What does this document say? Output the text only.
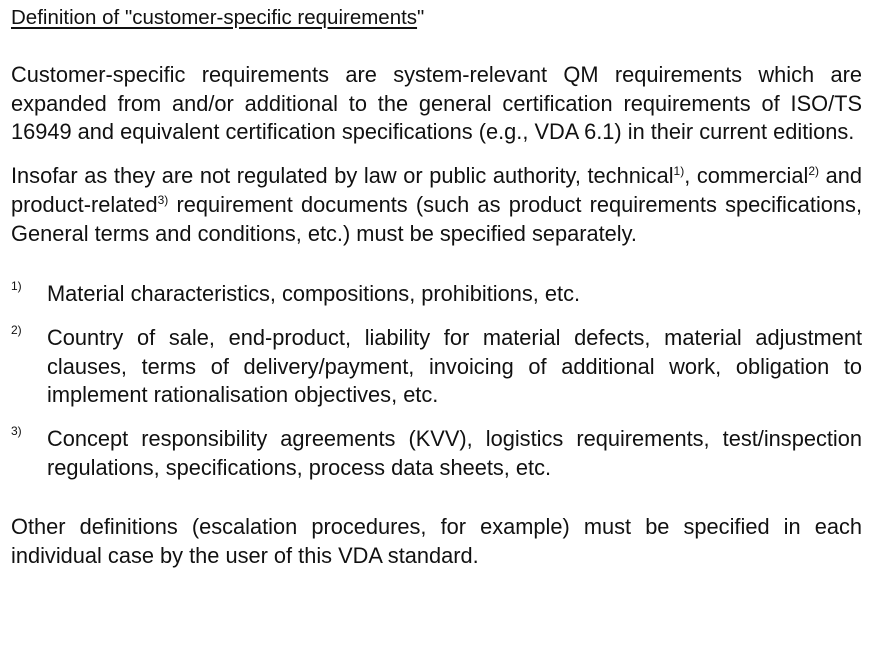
Definition of "customer-specific requirements"

Customer-specific requirements are system-relevant QM requirements which are expanded from and/or additional to the general certification requirements of ISO/TS 16949 and equivalent certification specifications (e.g., VDA 6.1) in their current editions.

Insofar as they are not regulated by law or public authority, technical$^{1)}$, commercial$^{2)}$ and product-related$^{3)}$ requirement documents (such as product requirements specifications, General terms and conditions, etc.) must be specified separately.

1) Material characteristics, compositions, prohibitions, etc.
2) Country of sale, end-product, liability for material defects, material adjustment clauses, terms of delivery/payment, invoicing of additional work, obligation to implement rationalisation objectives, etc.
3) Concept responsibility agreements (KVV), logistics requirements, test/inspection regulations, specifications, process data sheets, etc.

Other definitions (escalation procedures, for example) must be specified in each individual case by the user of this VDA standard.
